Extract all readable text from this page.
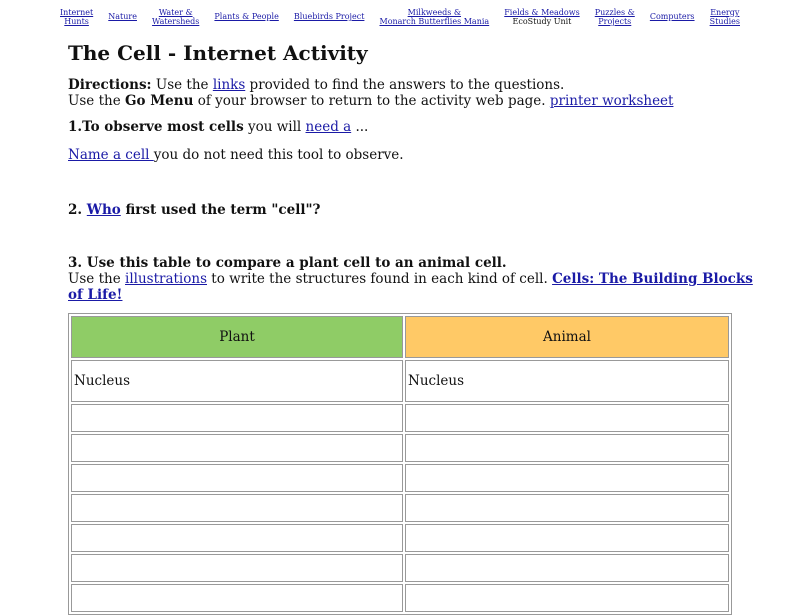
Internet
Hunts
Nature	Water &
Watersheds
Plants & People Bluebirds Project	Milkweeds &
Monarch Butterflies Mania
Fields & Meadows
EcoStudy Unit
Puzzles &
Projects
Computers Energy
Studies
The Cell - Internet Activity
Directions: Use the links provided to find the answers to the questions.
Use the Go Menu of your browser to return to the activity web page. printer worksheet
1.To observe most cells you will need a ...
Name a cell you do not need this tool to observe.
2. Who first used the term "cell"?
3. Use this table to compare a plant cell to an animal cell.
Use the illustrations to write the structures found in each kind of cell. Cells: The Building Blocks
of Life!
Plant	Animal
Nucleus	Nucleus
